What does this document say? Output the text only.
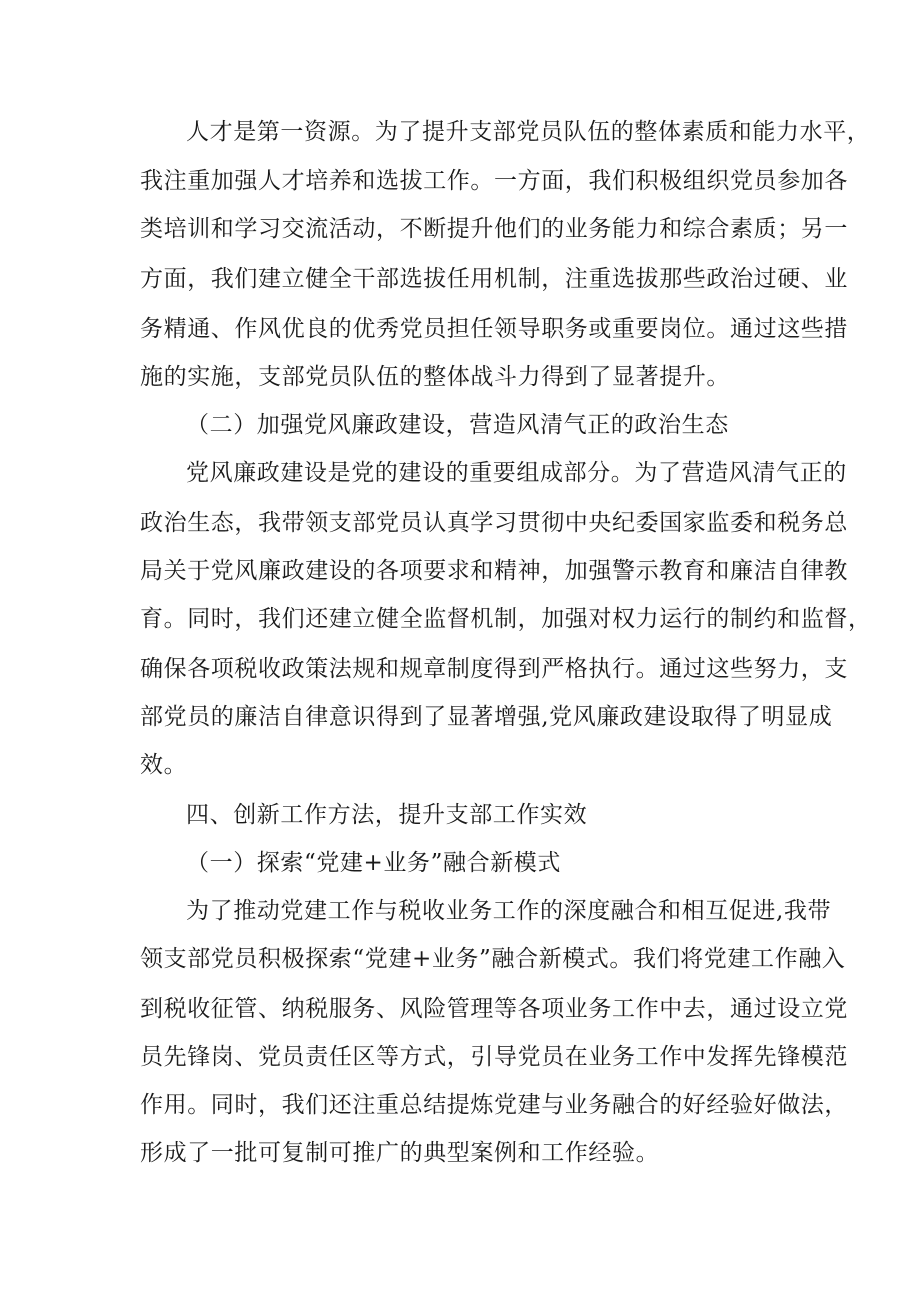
人才是第一资源。为了提升支部党员队伍的整体素质和能力水平，
我注重加强人才培养和选拔工作。一方面，我们积极组织党员参加各
类培训和学习交流活动，不断提升他们的业务能力和综合素质；另一
方面，我们建立健全干部选拔任用机制，注重选拔那些政治过硬、业
务精通、作风优良的优秀党员担任领导职务或重要岗位。通过这些措
施的实施，支部党员队伍的整体战斗力得到了显著提升。
（二）加强党风廉政建设，营造风清气正的政治生态
党风廉政建设是党的建设的重要组成部分。为了营造风清气正的
政治生态，我带领支部党员认真学习贯彻中央纪委国家监委和税务总
局关于党风廉政建设的各项要求和精神，加强警示教育和廉洁自律教
育。同时，我们还建立健全监督机制，加强对权力运行的制约和监督，
确保各项税收政策法规和规章制度得到严格执行。通过这些努力，支
部党员的廉洁自律意识得到了显著增强,党风廉政建设取得了明显成
效。
四、创新工作方法，提升支部工作实效
（一）探索“党建+业务”融合新模式
为了推动党建工作与税收业务工作的深度融合和相互促进,我带
领支部党员积极探索“党建+业务”融合新模式。我们将党建工作融入
到税收征管、纳税服务、风险管理等各项业务工作中去，通过设立党
员先锋岗、党员责任区等方式，引导党员在业务工作中发挥先锋模范
作用。同时，我们还注重总结提炼党建与业务融合的好经验好做法，
形成了一批可复制可推广的典型案例和工作经验。
